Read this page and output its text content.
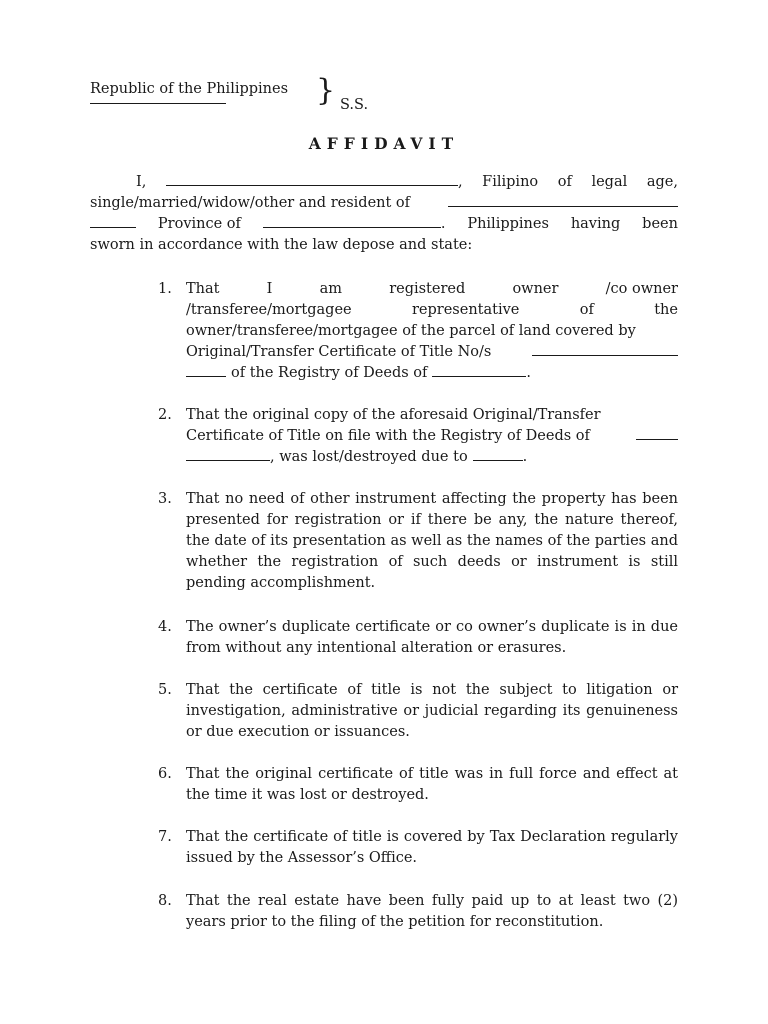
Republic of the Philippines } S.S.
AFFIDAVIT
I,	, Filipino of legal age,
single/married/widow/other and resident of
Province of	. Philippines having been
sworn in accordance with the law depose and state:
1. That	I	am	registered	owner	/co owner
/transferee/mortgagee	representative	of	the
owner/transferee/mortgagee of the parcel of land covered by
Original/Transfer Certificate of Title No/s
of the Registry of Deeds of	.
2. That the original copy of the aforesaid Original/Transfer
Certificate of Title on file with the Registry of Deeds of
, was lost/destroyed due to	.
3. That no need of other instrument affecting the property has been presented for registration or if there be any, the nature thereof, the date of its presentation as well as the names of the parties and whether the registration of such deeds or instrument is still pending accomplishment.
4. The owner’s duplicate certificate or co owner’s duplicate is in due from without any intentional alteration or erasures.
5. That the certificate of title is not the subject to litigation or investigation, administrative or judicial regarding its genuineness or due execution or issuances.
6. That the original certificate of title was in full force and effect at the time it was lost or destroyed.
7. That the certificate of title is covered by Tax Declaration regularly issued by the Assessor’s Office.
8. That the real estate have been fully paid up to at least two (2) years prior to the filing of the petition for reconstitution.
